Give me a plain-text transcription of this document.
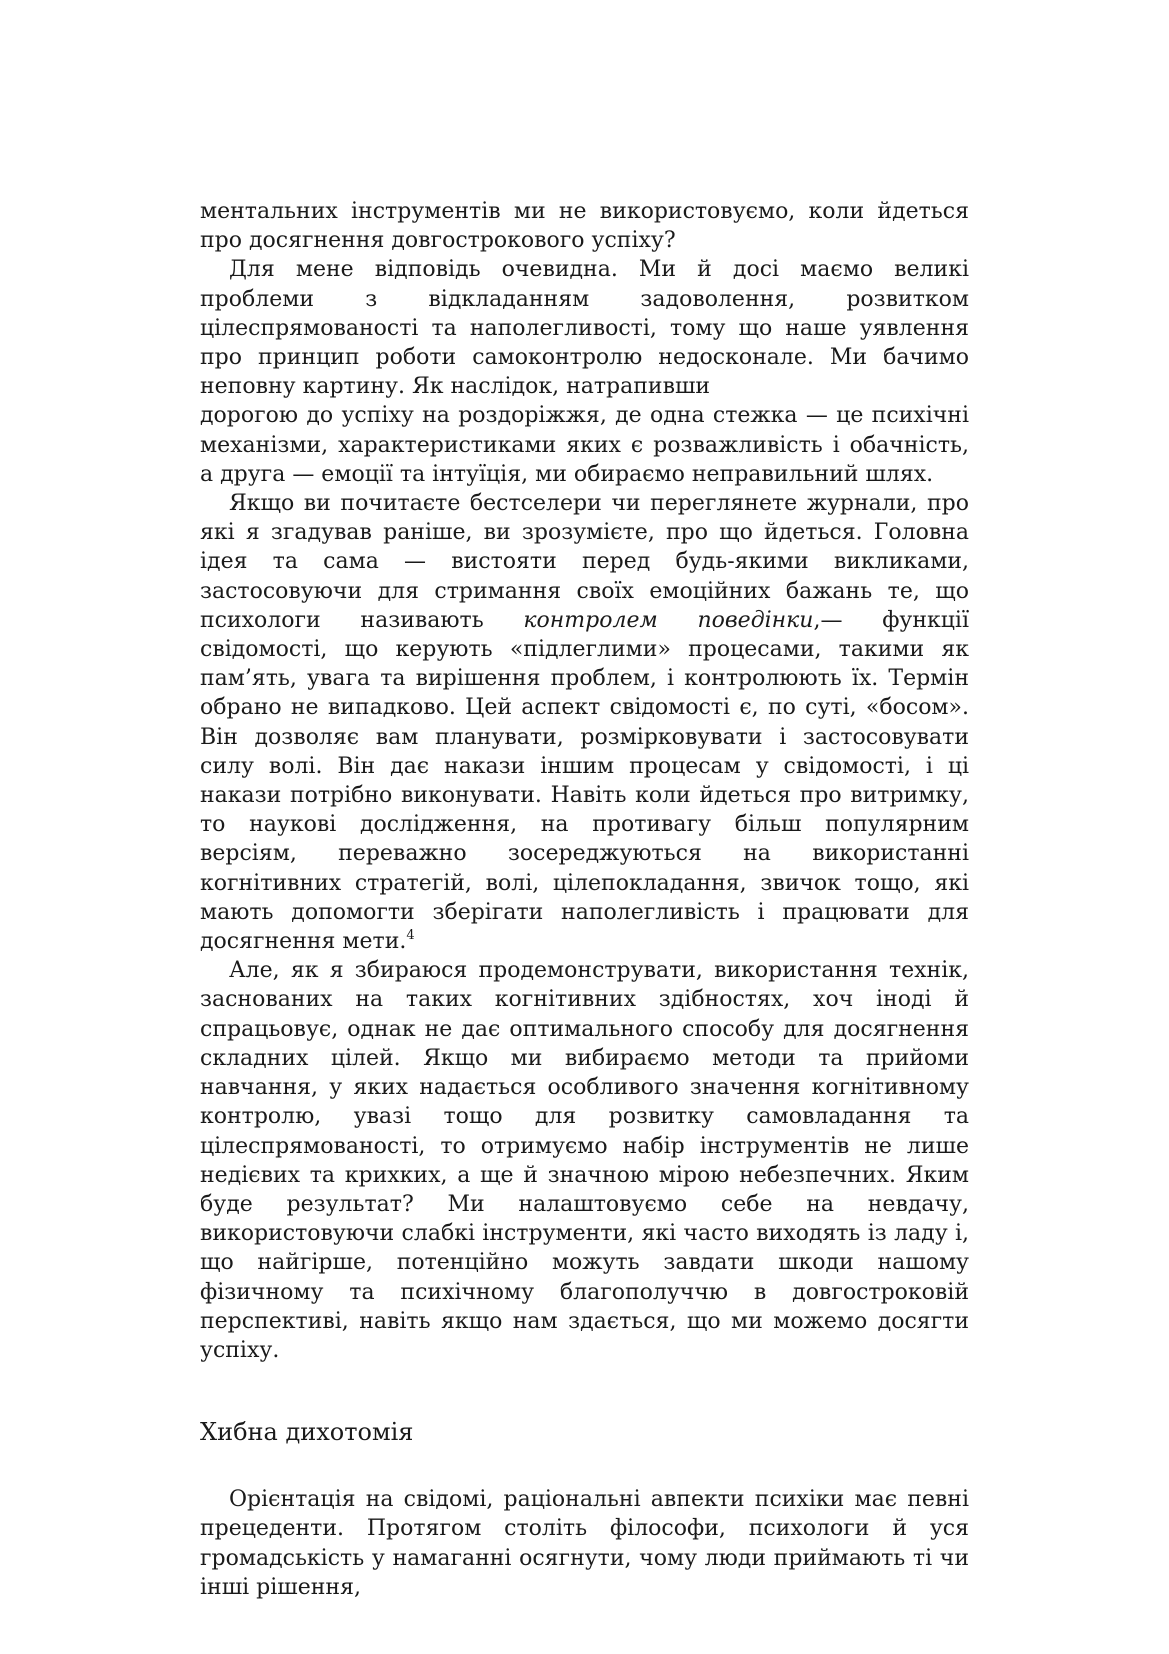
ментальних інструментів ми не використовуємо, коли йдеться про досягнення довгострокового успіху?

Для мене відповідь очевидна. Ми й досі маємо великі проблеми з відкладанням задоволення, розвитком цілеспрямованості та наполегливості, тому що наше уявлення про принцип роботи самоконтролю недосконале. Ми бачимо неповну картину. Як наслідок, натрапивши

дорогою до успіху на роздоріжжя, де одна стежка — це психічні механізми, характеристиками яких є розважливість і обачність, а друга — емоції та інтуїція, ми обираємо неправильний шлях.

Якщо ви почитаєте бестселери чи переглянете журнали, про які я згадував раніше, ви зрозумієте, про що йдеться. Головна ідея та сама — вистояти перед будь-якими викликами, застосовуючи для стримання своїх емоційних бажань те, що психологи називають контролем поведінки,— функції свідомості, що керують «підлеглими» процесами, такими як пам’ять, увага та вирішення проблем, і контролюють їх. Термін обрано не випадково. Цей аспект свідомості є, по суті, «босом». Він дозволяє вам планувати, розмірковувати і застосовувати силу волі. Він дає накази іншим процесам у свідомості, і ці накази потрібно виконувати. Навіть коли йдеться про витримку, то наукові дослідження, на противагу більш популярним версіям, переважно зосереджуються на використанні когнітивних стратегій, волі, цілепокладання, звичок тощо, які мають допомогти зберігати наполегливість і працювати для досягнення мети.$^4$

Але, як я збираюся продемонструвати, використання технік, заснованих на таких когнітивних здібностях, хоч іноді й спрацьовує, однак не дає оптимального способу для досягнення складних цілей. Якщо ми вибираємо методи та прийоми навчання, у яких надається особливого значення когнітивному контролю, увазі тощо для розвитку самовладання та цілеспрямованості, то отримуємо набір інструментів не лише недієвих та крихких, а ще й значною мірою небезпечних. Яким буде результат? Ми налаштовуємо себе на невдачу, використовуючи слабкі інструменти, які часто виходять із ладу і, що найгірше, потенційно можуть завдати шкоди нашому фізичному та психічному благополуччю в довгостроковій перспективі, навіть якщо нам здається, що ми можемо досягти успіху.

Хибна дихотомія

Орієнтація на свідомі, раціональні авпекти психіки має певні прецеденти. Протягом століть філософи, психологи й уся громадськість у намаганні осягнути, чому люди приймають ті чи інші рішення,
